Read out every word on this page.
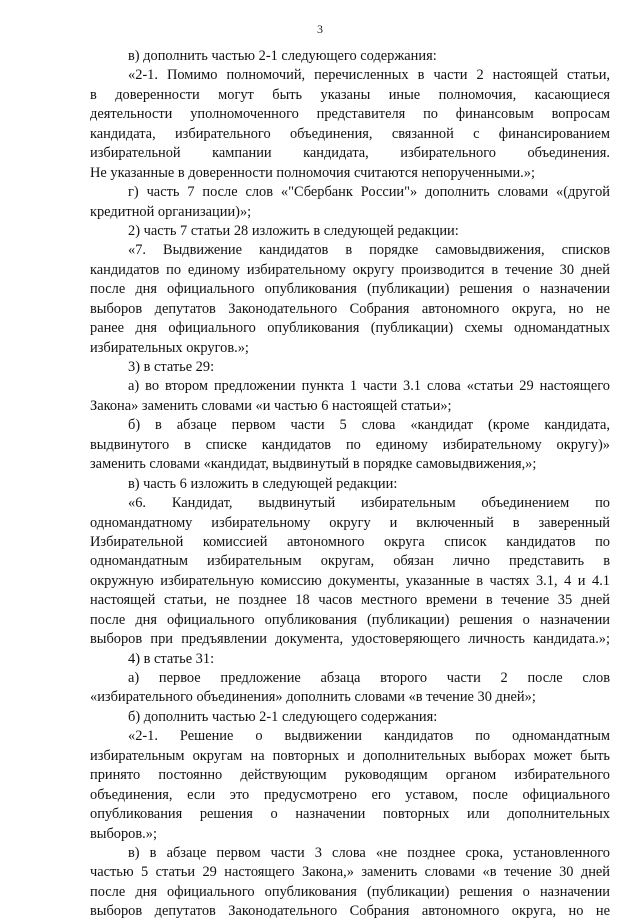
3
в) дополнить частью 2-1 следующего содержания:
«2-1. Помимо полномочий, перечисленных в части 2 настоящей статьи,
в доверенности могут быть указаны иные полномочия, касающиеся
деятельности уполномоченного представителя по финансовым вопросам
кандидата, избирательного объединения, связанной с финансированием
избирательной кампании кандидата, избирательного объединения.
Не указанные в доверенности полномочия считаются непорученными.»;
г) часть 7 после слов «"Сбербанк России"» дополнить словами «(другой
кредитной организации)»;
2) часть 7 статьи 28 изложить в следующей редакции:
«7. Выдвижение кандидатов в порядке самовыдвижения, списков
кандидатов по единому избирательному округу производится в течение 30 дней
после дня официального опубликования (публикации) решения о назначении
выборов депутатов Законодательного Собрания автономного округа, но не
ранее дня официального опубликования (публикации) схемы одномандатных
избирательных округов.»;
3) в статье 29:
а) во втором предложении пункта 1 части 3.1 слова «статьи 29 настоящего
Закона» заменить словами «и частью 6 настоящей статьи»;
б) в абзаце первом части 5 слова «кандидат (кроме кандидата,
выдвинутого в списке кандидатов по единому избирательному округу)»
заменить словами «кандидат, выдвинутый в порядке самовыдвижения,»;
в) часть 6 изложить в следующей редакции:
«6. Кандидат, выдвинутый избирательным объединением по
одномандатному избирательному округу и включенный в заверенный
Избирательной комиссией автономного округа список кандидатов по
одномандатным избирательным округам, обязан лично представить в
окружную избирательную комиссию документы, указанные в частях 3.1, 4 и 4.1
настоящей статьи, не позднее 18 часов местного времени в течение 35 дней
после дня официального опубликования (публикации) решения о назначении
выборов при предъявлении документа, удостоверяющего личность кандидата.»;
4) в статье 31:
а) первое предложение абзаца второго части 2 после слов
«избирательного объединения» дополнить словами «в течение 30 дней»;
б) дополнить частью 2-1 следующего содержания:
«2-1. Решение о выдвижении кандидатов по одномандатным
избирательным округам на повторных и дополнительных выборах может быть
принято постоянно действующим руководящим органом избирательного
объединения, если это предусмотрено его уставом, после официального
опубликования решения о назначении повторных или дополнительных
выборов.»;
в) в абзаце первом части 3 слова «не позднее срока, установленного
частью 5 статьи 29 настоящего Закона,» заменить словами «в течение 30 дней
после дня официального опубликования (публикации) решения о назначении
выборов депутатов Законодательного Собрания автономного округа, но не
